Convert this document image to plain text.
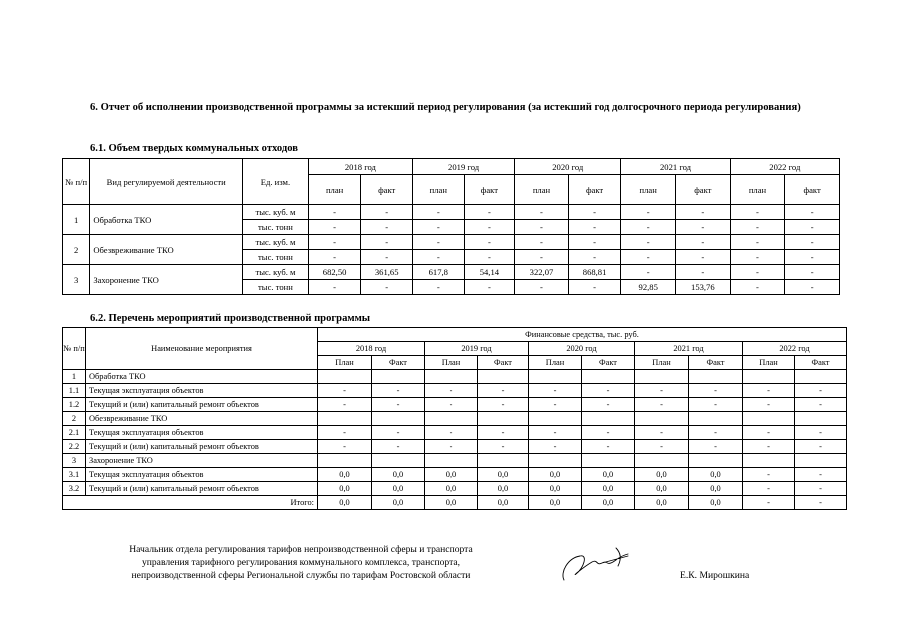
6. Отчет об исполнении производственной программы за истекший период регулирования (за истекший год долгосрочного периода регулирования)
6.1. Объем твердых коммунальных отходов
№ п/п	Вид регулируемой деятельности	Ед. изм.	2018 год		2019 год		2020 год		2021 год		2022 год	
			план	факт	план	факт	план	факт	план	факт	план	факт
1	Обработка ТКО	тыс. куб. м	-	-	-	-	-	-	-	-	-	-
		тыс. тонн	-	-	-	-	-	-	-	-	-	-
2	Обезвреживание ТКО	тыс. куб. м	-	-	-	-	-	-	-	-	-	-
		тыс. тонн	-	-	-	-	-	-	-	-	-	-
3	Захоронение ТКО	тыс. куб. м	682,50	361,65	617,8	54,14	322,07	868,81	-	-	-	-
		тыс. тонн	-	-	-	-	-	-	92,85	153,76	-	-
6.2. Перечень мероприятий производственной программы
№ п/п	Наименование мероприятия	Финансовые средства, тыс. руб.									
		2018 год		2019 год		2020 год		2021 год		2022 год	
		План	Факт	План	Факт	План	Факт	План	Факт	План	Факт
1	Обработка ТКО										
1.1	Текущая эксплуатация объектов	-	-	-	-	-	-	-	-	-	-
1.2	Текущий и (или) капитальный ремонт объектов	-	-	-	-	-	-	-	-	-	-
2	Обезвреживание ТКО										
2.1	Текущая эксплуатация объектов	-	-	-	-	-	-	-	-	-	-
2.2	Текущий и (или) капитальный ремонт объектов	-	-	-	-	-	-	-	-	-	-
3	Захоронение ТКО										
3.1	Текущая эксплуатация объектов	0,0	0,0	0,0	0,0	0,0	0,0	0,0	0,0	-	-
3.2	Текущий и (или) капитальный ремонт объектов	0,0	0,0	0,0	0,0	0,0	0,0	0,0	0,0	-	-
Итого:		0,0	0,0	0,0	0,0	0,0	0,0	0,0	0,0	-	-
Начальник отдела регулирования тарифов непроизводственной сферы и транспорта
управления тарифного регулирования коммунального комплекса, транспорта,
непроизводственной сферы Региональной службы по тарифам Ростовской области	Е.К. Мирошкина
